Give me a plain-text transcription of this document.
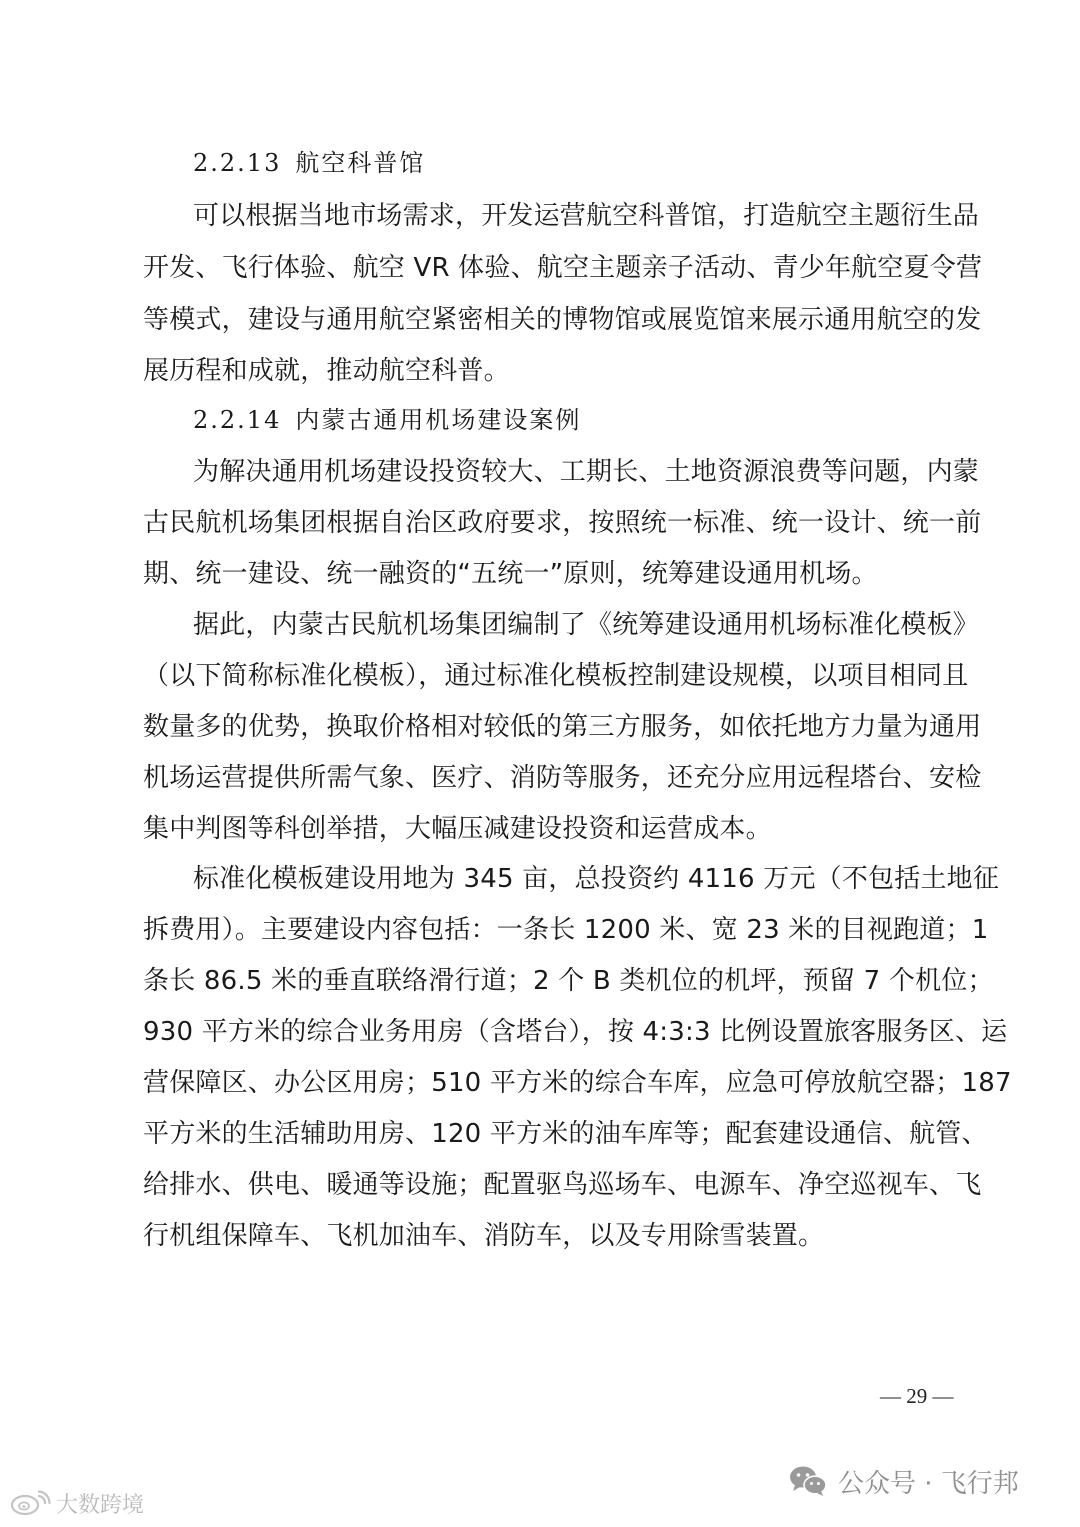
2.2.13 航空科普馆
可以根据当地市场需求，开发运营航空科普馆，打造航空主题衍生品
开发、飞行体验、航空 VR 体验、航空主题亲子活动、青少年航空夏令营
等模式，建设与通用航空紧密相关的博物馆或展览馆来展示通用航空的发
展历程和成就，推动航空科普。
2.2.14 内蒙古通用机场建设案例
为解决通用机场建设投资较大、工期长、土地资源浪费等问题，内蒙
古民航机场集团根据自治区政府要求，按照统一标准、统一设计、统一前
期、统一建设、统一融资的“五统一”原则，统筹建设通用机场。
据此，内蒙古民航机场集团编制了《统筹建设通用机场标准化模板》
（以下简称标准化模板），通过标准化模板控制建设规模，以项目相同且
数量多的优势，换取价格相对较低的第三方服务，如依托地方力量为通用
机场运营提供所需气象、医疗、消防等服务，还充分应用远程塔台、安检
集中判图等科创举措，大幅压减建设投资和运营成本。
标准化模板建设用地为 345 亩，总投资约 4116 万元（不包括土地征
拆费用）。主要建设内容包括：一条长 1200 米、宽 23 米的目视跑道；1
条长 86.5 米的垂直联络滑行道；2 个 B 类机位的机坪，预留 7 个机位；
930 平方米的综合业务用房（含塔台），按 4:3:3 比例设置旅客服务区、运
营保障区、办公区用房；510 平方米的综合车库，应急可停放航空器；187
平方米的生活辅助用房、120 平方米的油车库等；配套建设通信、航管、
给排水、供电、暖通等设施；配置驱鸟巡场车、电源车、净空巡视车、飞
行机组保障车、飞机加油车、消防车，以及专用除雪装置。
— 29 —
大数跨境
公众号 · 飞行邦
